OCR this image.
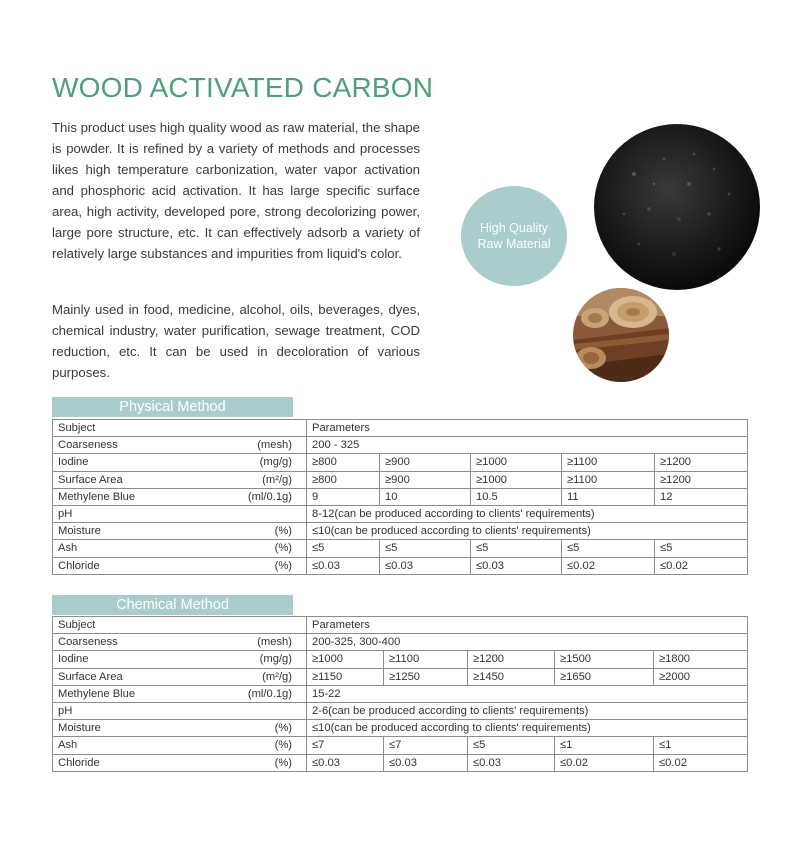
WOOD ACTIVATED CARBON

This product uses high quality wood as raw material, the shape is powder. It is refined by a variety of methods and processes likes high temperature carbonization, water vapor activation and phosphoric acid activation. It has large specific surface area, high activity, developed pore, strong decolorizing power, large pore structure, etc. It can effectively adsorb a variety of relatively large substances and impurities from liquid's color.

Mainly used in food, medicine, alcohol, oils, beverages, dyes, chemical industry, water purification, sewage treatment, COD reduction, etc. It can be used in decoloration of various purposes.

High Quality
Raw Material
Physical Method
Subject	Parameters				

Coarseness (mesh)	200 - 325				

Iodine (mg/g)	≥800	≥900	≥1000	≥1100	≥1200

Surface Area (m²/g)	≥800	≥900	≥1000	≥1100	≥1200

Methylene Blue (ml/0.1g)	9	10	10.5	11	12

pH	8-12(can be produced according to clients' requirements)				

Moisture (%)	≤10(can be produced according to clients' requirements)				

Ash (%)	≤5	≤5	≤5	≤5	≤5

Chloride (%)	≤0.03	≤0.03	≤0.03	≤0.02	≤0.02
Chemical Method
Subject	Parameters				

Coarseness (mesh)	200-325, 300-400				

Iodine (mg/g)	≥1000	≥1100	≥1200	≥1500	≥1800

Surface Area (m²/g)	≥1150	≥1250	≥1450	≥1650	≥2000

Methylene Blue (ml/0.1g)	15-22				

pH	2-6(can be produced according to clients' requirements)				

Moisture (%)	≤10(can be produced according to clients' requirements)				

Ash (%)	≤7	≤7	≤5	≤1	≤1

Chloride (%)	≤0.03	≤0.03	≤0.03	≤0.02	≤0.02
